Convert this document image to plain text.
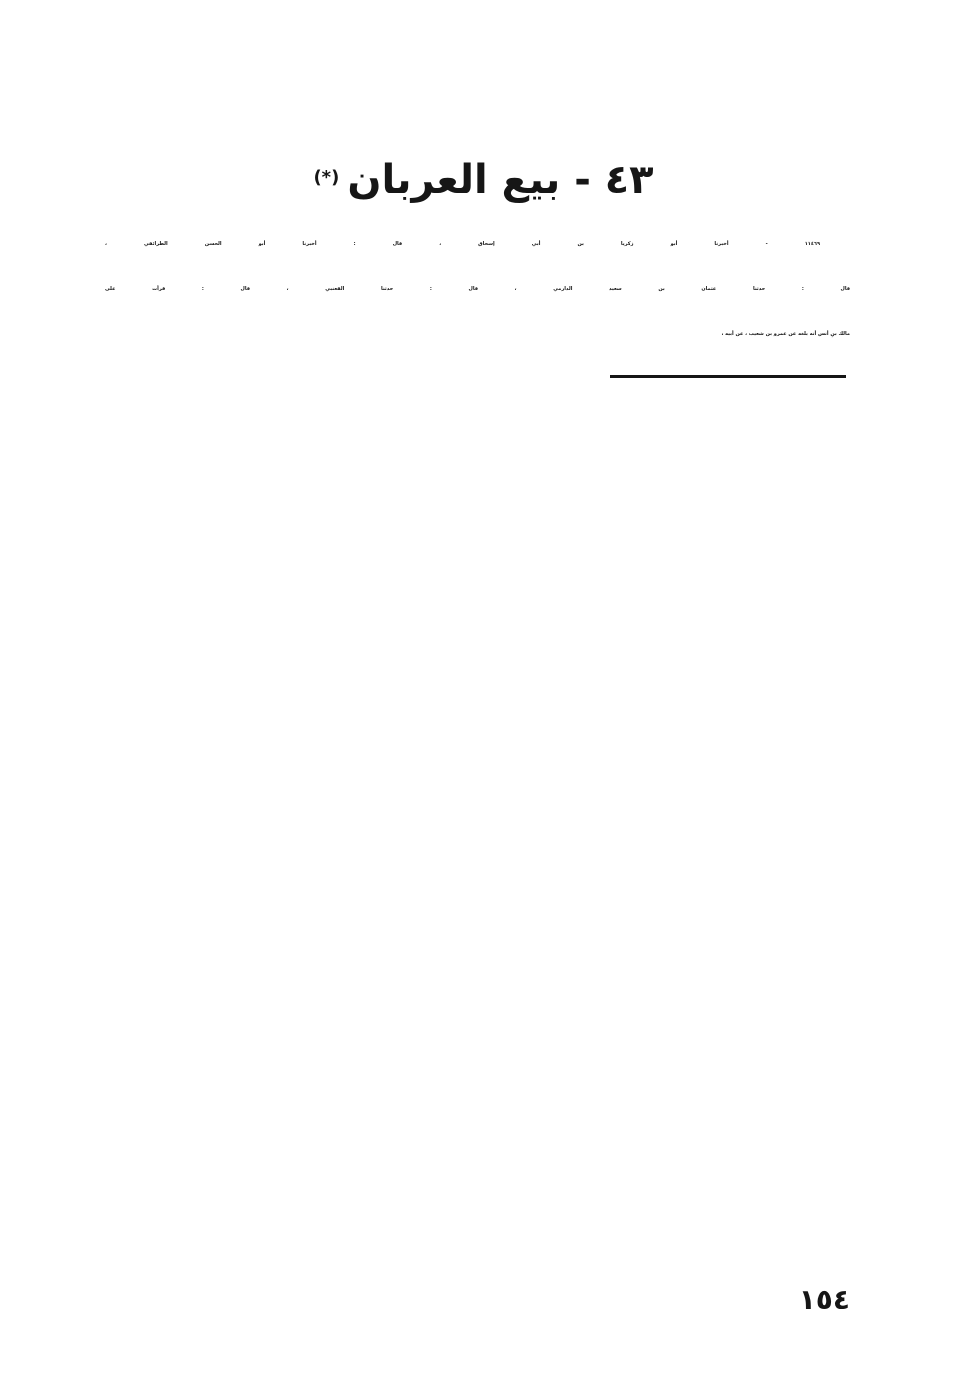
٤٣ - بيع العربان(*)
١١٤٦٩ - أخبرنا أبو زكريا بن أبي إسحاق ، قال : أخبرنا أبو الحسن الطرائفي ،
قال : حدثنا عثمان بن سعيد الدارمي ، قال : حدثنا القعنبي ، قال : قرأت على
مالك بنِ أنس أنه بلغه عن عمرو بن شعيب ، عن أبيه ،
١٥٤
